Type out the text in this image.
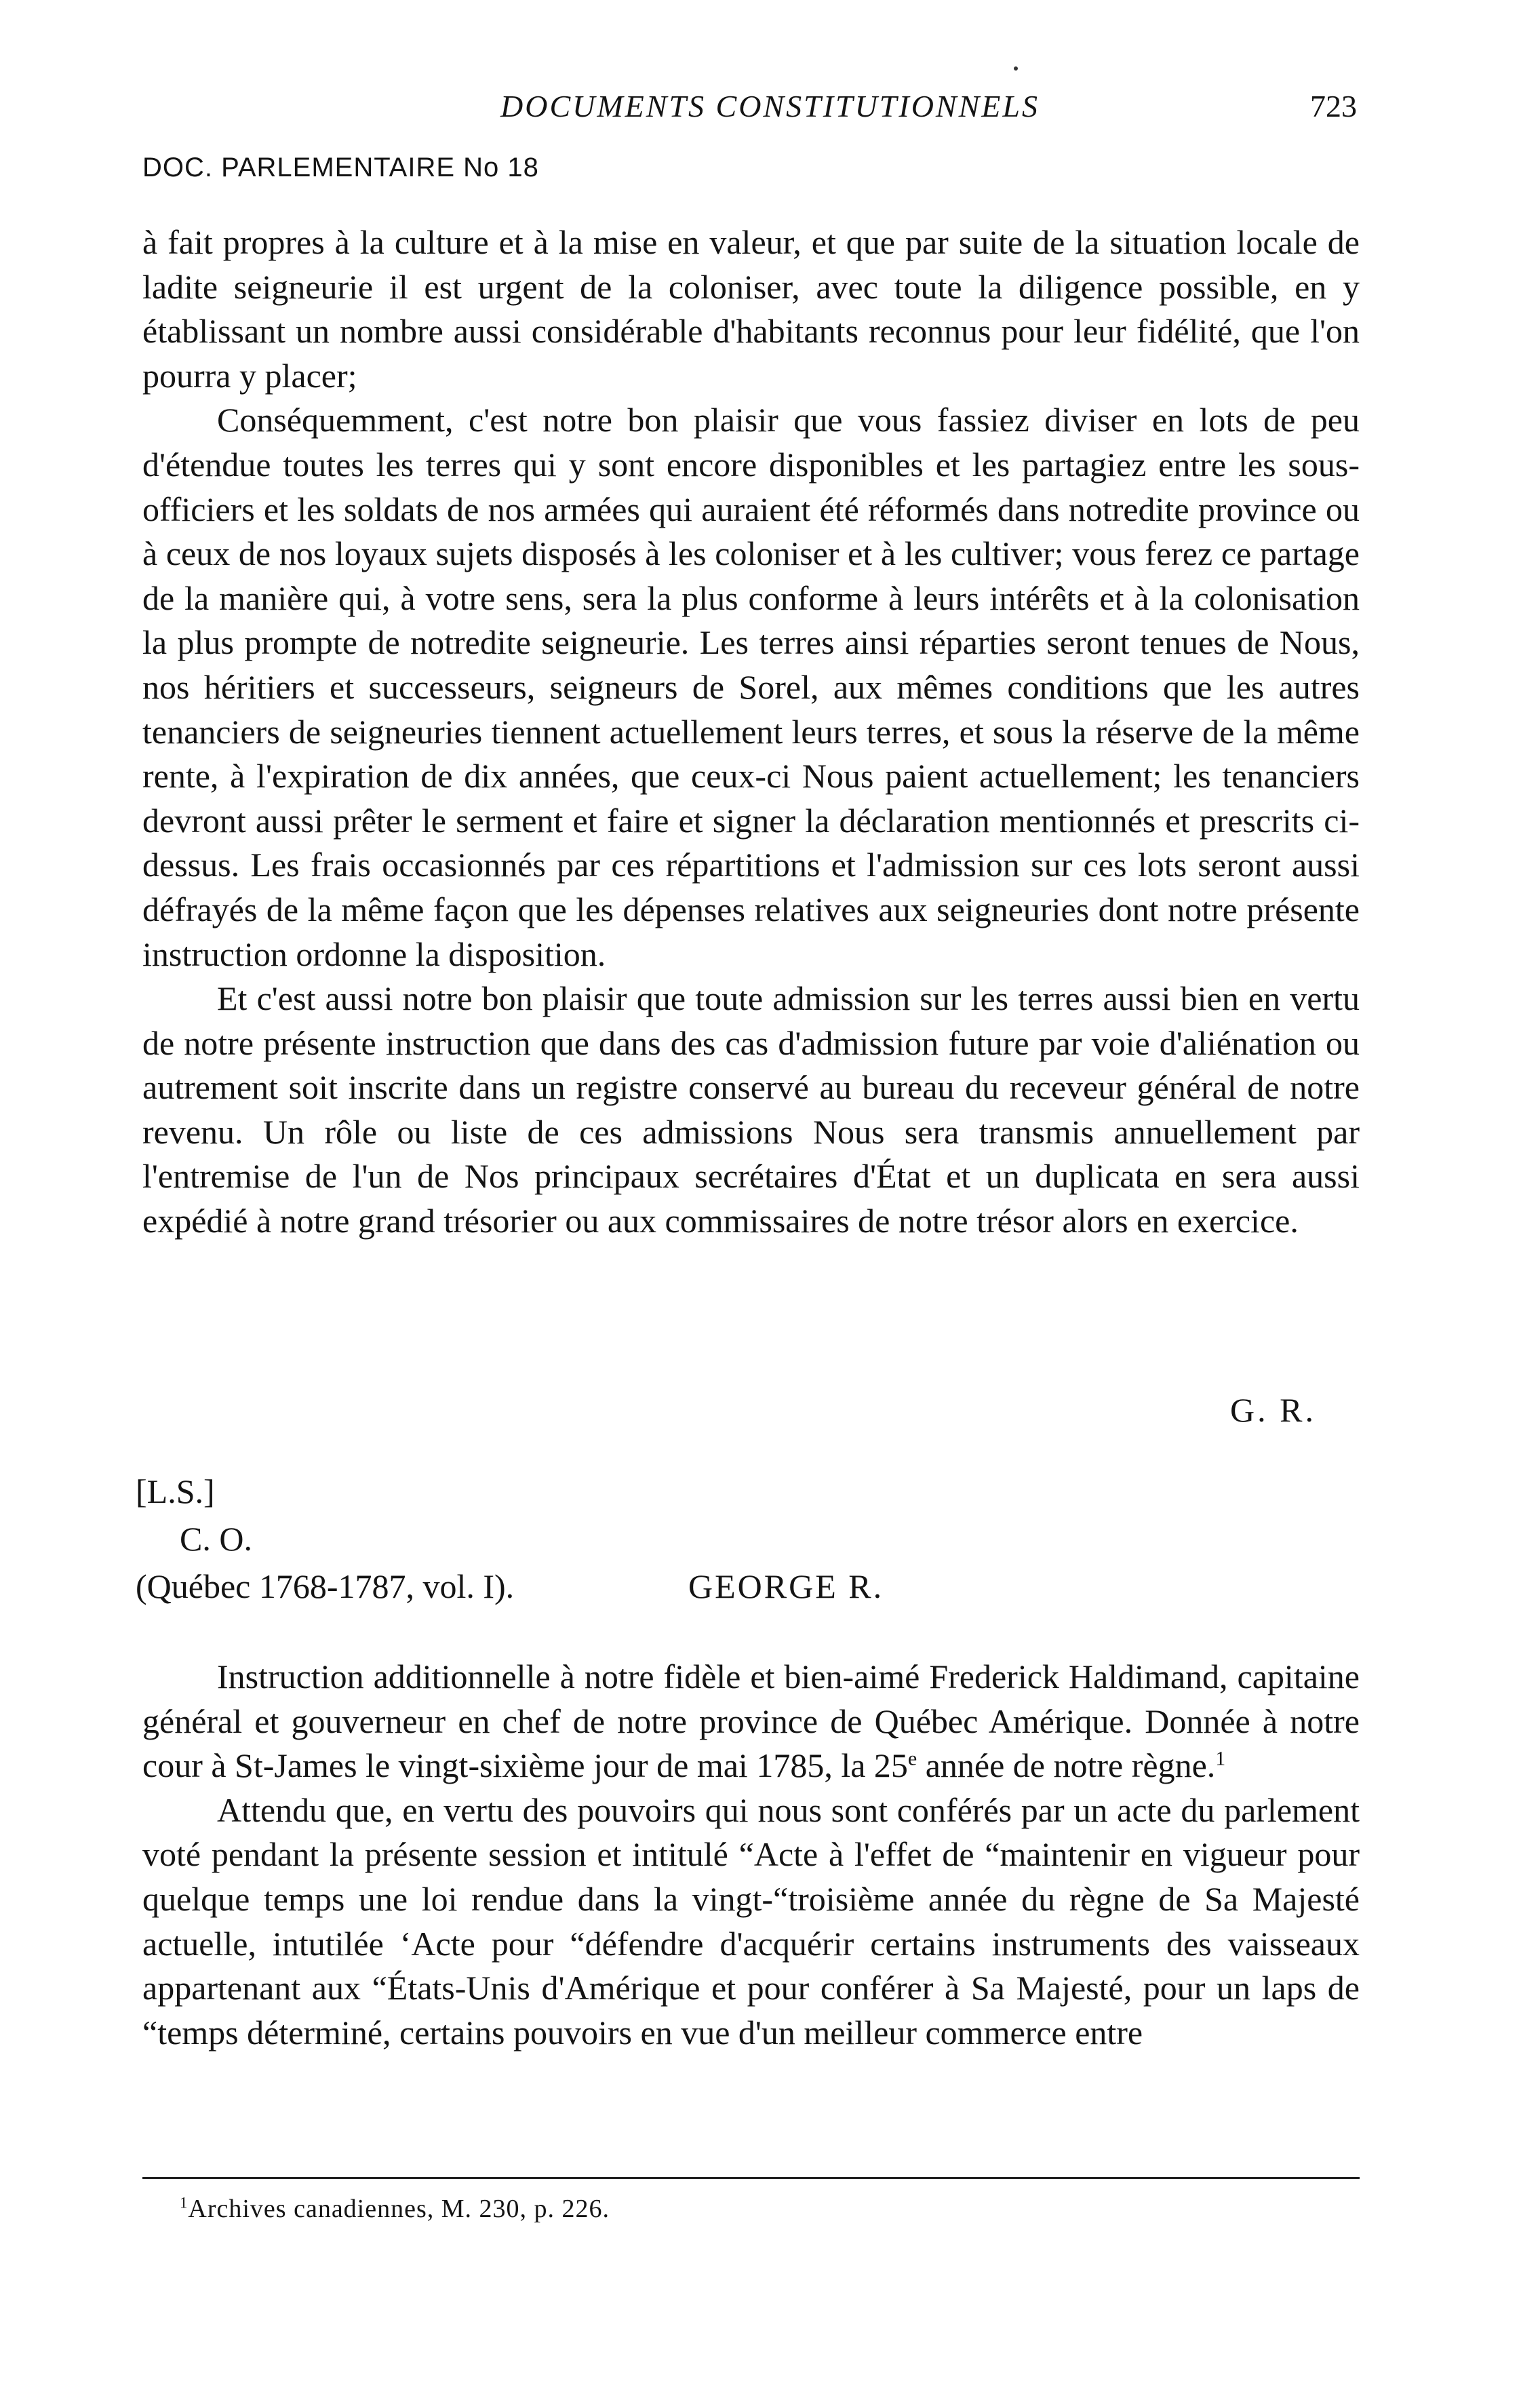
DOCUMENTS CONSTITUTIONNELS	723
DOC. PARLEMENTAIRE No 18

à fait propres à la culture et à la mise en valeur, et que par suite de la situation locale de ladite seigneurie il est urgent de la coloniser, avec toute la diligence possible, en y établissant un nombre aussi considérable d'habitants reconnus pour leur fidélité, que l'on pourra y placer;

Conséquemment, c'est notre bon plaisir que vous fassiez diviser en lots de peu d'étendue toutes les terres qui y sont encore disponibles et les partagiez entre les sous-officiers et les soldats de nos armées qui auraient été réformés dans notredite province ou à ceux de nos loyaux sujets disposés à les coloniser et à les cultiver; vous ferez ce partage de la manière qui, à votre sens, sera la plus conforme à leurs intérêts et à la colonisation la plus prompte de notredite seigneurie. Les terres ainsi réparties seront tenues de Nous, nos héritiers et successeurs, seigneurs de Sorel, aux mêmes conditions que les autres tenanciers de seigneuries tiennent actuellement leurs terres, et sous la réserve de la même rente, à l'expiration de dix années, que ceux-ci Nous paient actuellement; les tenanciers devront aussi prêter le serment et faire et signer la déclaration mentionnés et prescrits ci-dessus. Les frais occasionnés par ces répartitions et l'admission sur ces lots seront aussi défrayés de la même façon que les dépenses relatives aux seigneuries dont notre présente instruction ordonne la disposition.

Et c'est aussi notre bon plaisir que toute admission sur les terres aussi bien en vertu de notre présente instruction que dans des cas d'admission future par voie d'aliénation ou autrement soit inscrite dans un registre conservé au bureau du receveur général de notre revenu. Un rôle ou liste de ces admissions Nous sera transmis annuellement par l'entremise de l'un de Nos principaux secrétaires d'État et un duplicata en sera aussi expédié à notre grand trésorier ou aux commissaires de notre trésor alors en exercice.

G. R.
[L.S.]
C. O.
(Québec 1768-1787, vol. I).	GEORGE R.

Instruction additionnelle à notre fidèle et bien-aimé Frederick Haldimand, capitaine général et gouverneur en chef de notre province de Québec Amérique. Donnée à notre cour à St-James le vingt-sixième jour de mai 1785, la 25e année de notre règne.$^1$

Attendu que, en vertu des pouvoirs qui nous sont conférés par un acte du parlement voté pendant la présente session et intitulé “Acte à l'effet de “maintenir en vigueur pour quelque temps une loi rendue dans la vingt-“troisième année du règne de Sa Majesté actuelle, intutilée ‘Acte pour “défendre d'acquérir certains instruments des vaisseaux appartenant aux “États-Unis d'Amérique et pour conférer à Sa Majesté, pour un laps de “temps déterminé, certains pouvoirs en vue d'un meilleur commerce entre

$^1$Archives canadiennes, M. 230, p. 226.
